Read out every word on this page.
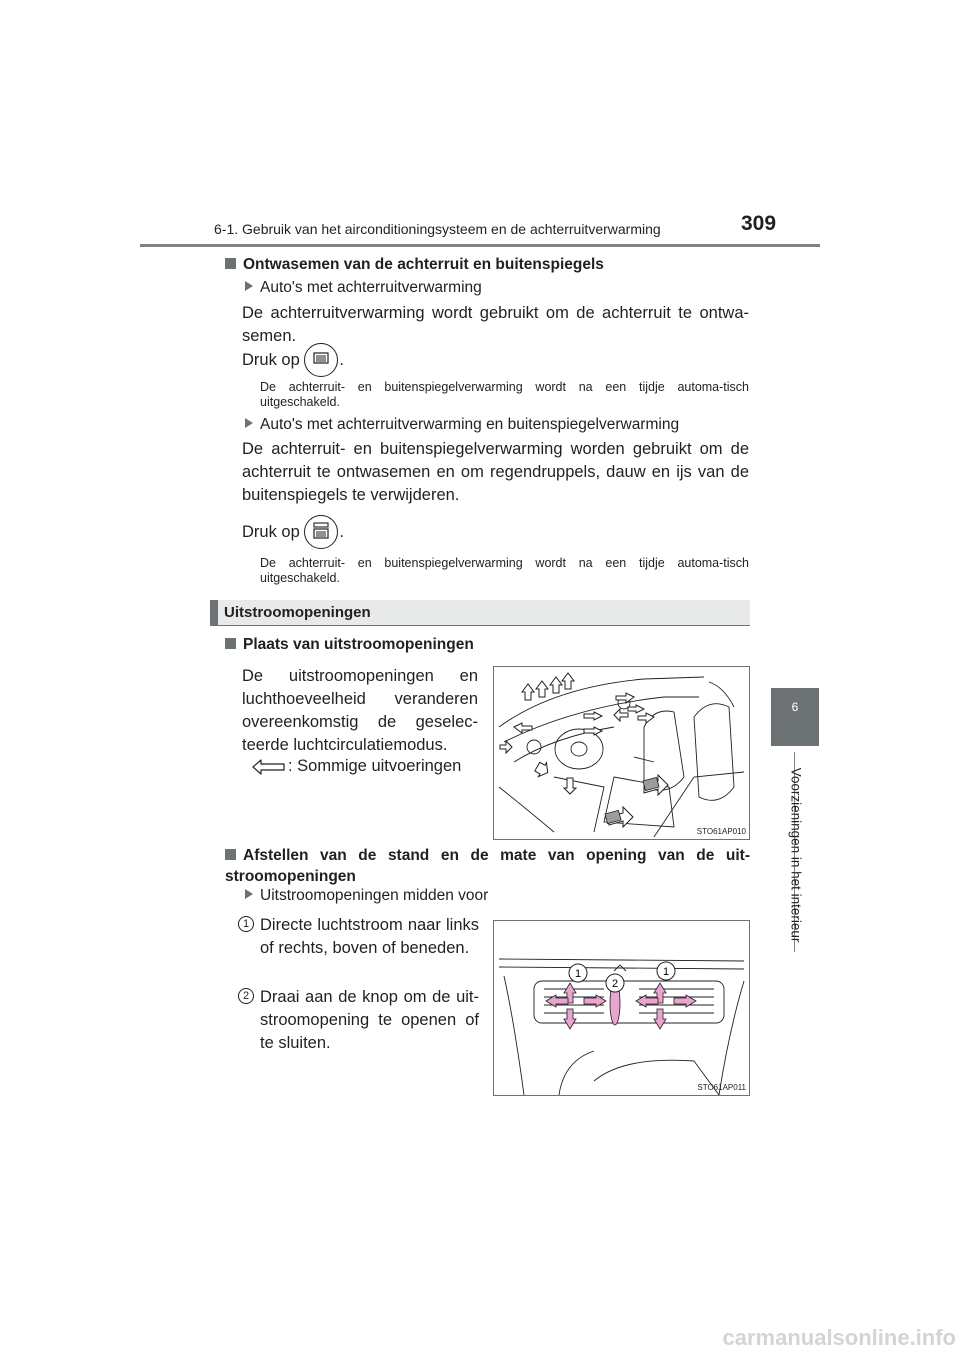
6-1. Gebruik van het airconditioningsysteem en de achterruitverwarming	309
6
Voorzieningen in het interieur
Ontwasemen van de achterruit en buitenspiegels
Auto's met achterruitverwarming
De achterruitverwarming wordt gebruikt om de achterruit te ontwa-semen.
Druk op
.
De achterruit- en buitenspiegelverwarming wordt na een tijdje automa-tisch uitgeschakeld.
Auto's met achterruitverwarming en buitenspiegelverwarming
De achterruit- en buitenspiegelverwarming worden gebruikt om de achterruit te ontwasemen en om regendruppels, dauw en ijs van de buitenspiegels te verwijderen.
Druk op
.
De achterruit- en buitenspiegelverwarming wordt na een tijdje automa-tisch uitgeschakeld.
Uitstroomopeningen
Plaats van uitstroomopeningen
De uitstroomopeningen en luchthoeveelheid veranderen overeenkomstig de geselec-teerde luchtcirculatiemodus.
: Sommige uitvoeringen
STO61AP010
Afstellen van de stand en de mate van opening van de uit-stroomopeningen
Uitstroomopeningen midden voor
1 Directe luchtstroom naar links of rechts, boven of beneden.
2 Draai aan de knop om de uit-stroomopening te openen of te sluiten.
1
2
1
STO61AP011
carmanualsonline.info
